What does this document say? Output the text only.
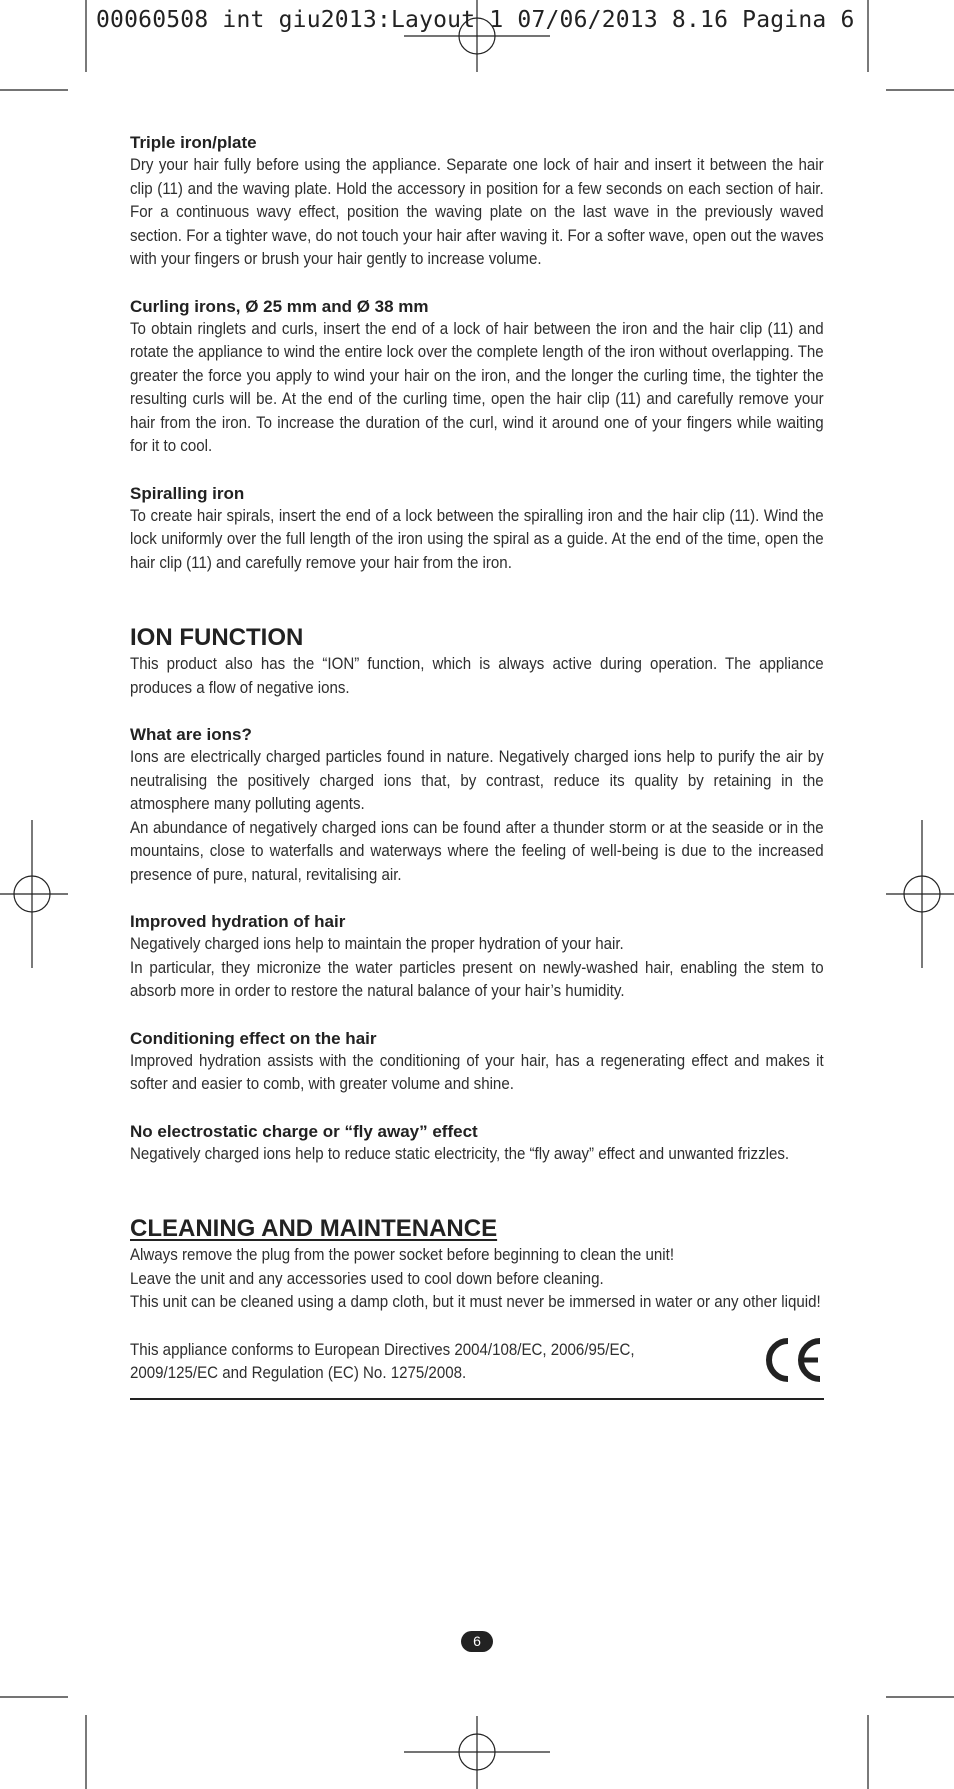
00060508 int giu2013:Layout 1 07/06/2013 8.16 Pagina 6
Triple iron/plate

Dry your hair fully before using the appliance. Separate one lock of hair and insert it between the hair clip (11) and the waving plate. Hold the accessory in position for a few seconds on each section of hair. For a continuous wavy effect, position the waving plate on the last wave in the previously waved section. For a tighter wave, do not touch your hair after waving it. For a softer wave, open out the waves with your fingers or brush your hair gently to increase volume.

Curling irons, Ø 25 mm and Ø 38 mm

To obtain ringlets and curls, insert the end of a lock of hair between the iron and the hair clip (11) and rotate the appliance to wind the entire lock over the complete length of the iron without overlapping. The greater the force you apply to wind your hair on the iron, and the longer the curling time, the tighter the resulting curls will be. At the end of the curling time, open the hair clip (11) and carefully remove your hair from the iron. To increase the duration of the curl, wind it around one of your fingers while waiting for it to cool.

Spiralling iron

To create hair spirals, insert the end of a lock between the spiralling iron and the hair clip (11). Wind the lock uniformly over the full length of the iron using the spiral as a guide. At the end of the time, open the hair clip (11) and carefully remove your hair from the iron.

ION FUNCTION

This product also has the “ION” function, which is always active during operation. The appliance produces a flow of negative ions.

What are ions?

Ions are electrically charged particles found in nature. Negatively charged ions help to purify the air by neutralising the positively charged ions that, by contrast, reduce its quality by retaining in the atmosphere many polluting agents.

An abundance of negatively charged ions can be found after a thunder storm or at the seaside or in the mountains, close to waterfalls and waterways where the feeling of well-being is due to the increased presence of pure, natural, revitalising air.

Improved hydration of hair

Negatively charged ions help to maintain the proper hydration of your hair.

In particular, they micronize the water particles present on newly-washed hair, enabling the stem to absorb more in order to restore the natural balance of your hair’s humidity.

Conditioning effect on the hair

Improved hydration assists with the conditioning of your hair, has a regenerating effect and makes it softer and easier to comb, with greater volume and shine.

No electrostatic charge or “fly away” effect

Negatively charged ions help to reduce static electricity, the “fly away” effect and unwanted frizzles.

CLEANING AND MAINTENANCE

Always remove the plug from the power socket before beginning to clean the unit!

Leave the unit and any accessories used to cool down before cleaning.

This unit can be cleaned using a damp cloth, but it must never be immersed in water or any other liquid!

This appliance conforms to European Directives 2004/108/EC, 2006/95/EC, 2009/125/EC and Regulation (EC) No. 1275/2008.

6
